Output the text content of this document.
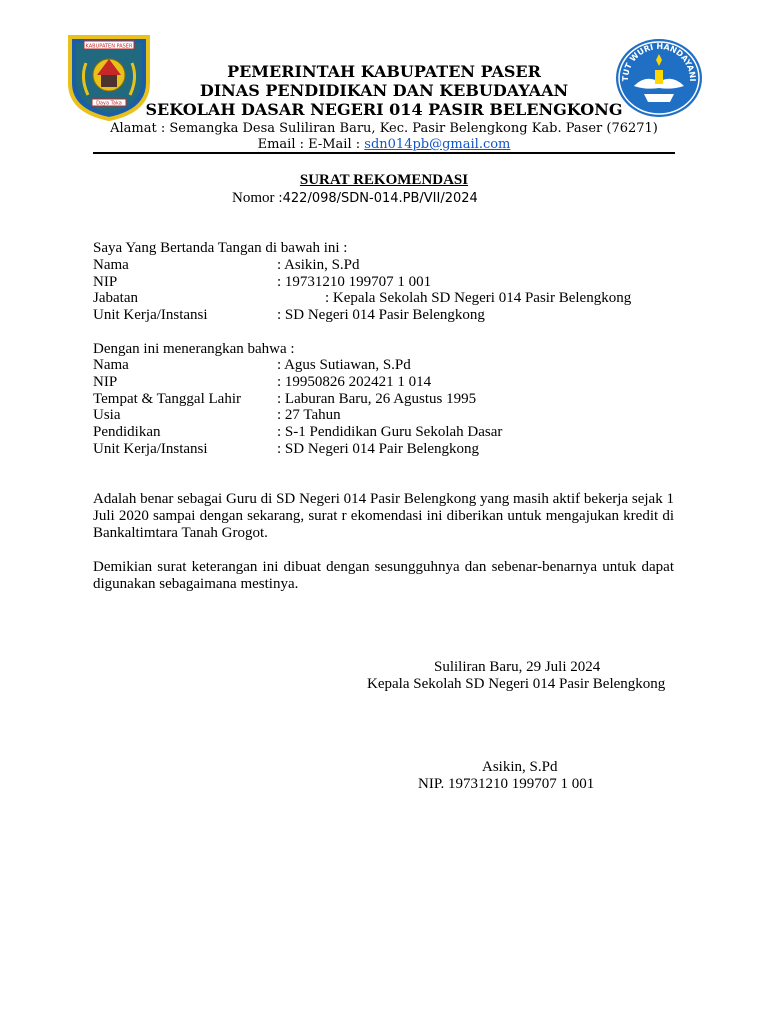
KABUPATEN PASER
Daya Taka
TUT WURI HANDAYANI
PEMERINTAH KABUPATEN PASER
DINAS PENDIDIKAN DAN KEBUDAYAAN
SEKOLAH DASAR NEGERI 014 PASIR BELENGKONG
Alamat : Semangka Desa Suliliran Baru, Kec. Pasir Belengkong Kab. Paser (76271)
Email : E-Mail : sdn014pb@gmail.com
SURAT REKOMENDASI
Nomor :422/098/SDN-014.PB/VII/2024
Saya Yang Bertanda Tangan di bawah ini :
Nama	: Asikin, S.Pd
NIP	: 19731210 199707 1 001
Jabatan	: Kepala Sekolah SD Negeri 014 Pasir Belengkong
Unit Kerja/Instansi	: SD Negeri 014 Pasir Belengkong
Dengan ini menerangkan bahwa :
Nama	: Agus Sutiawan, S.Pd
NIP	: 19950826 202421 1 014
Tempat & Tanggal Lahir : Laburan Baru, 26 Agustus 1995
Usia	: 27 Tahun
Pendidikan	: S-1 Pendidikan Guru Sekolah Dasar
Unit Kerja/Instansi	: SD Negeri 014 Pair Belengkong
Adalah benar sebagai Guru di SD Negeri 014 Pasir Belengkong yang masih aktif bekerja sejak 1 Juli 2020 sampai dengan sekarang, surat r ekomendasi ini diberikan untuk mengajukan kredit di Bankaltimtara Tanah Grogot.
Demikian surat keterangan ini dibuat dengan sesungguhnya dan sebenar-benarnya untuk dapat digunakan sebagaimana mestinya.
Suliliran Baru, 29 Juli 2024
Kepala Sekolah SD Negeri 014 Pasir Belengkong
Asikin, S.Pd
NIP. 19731210 199707 1 001
